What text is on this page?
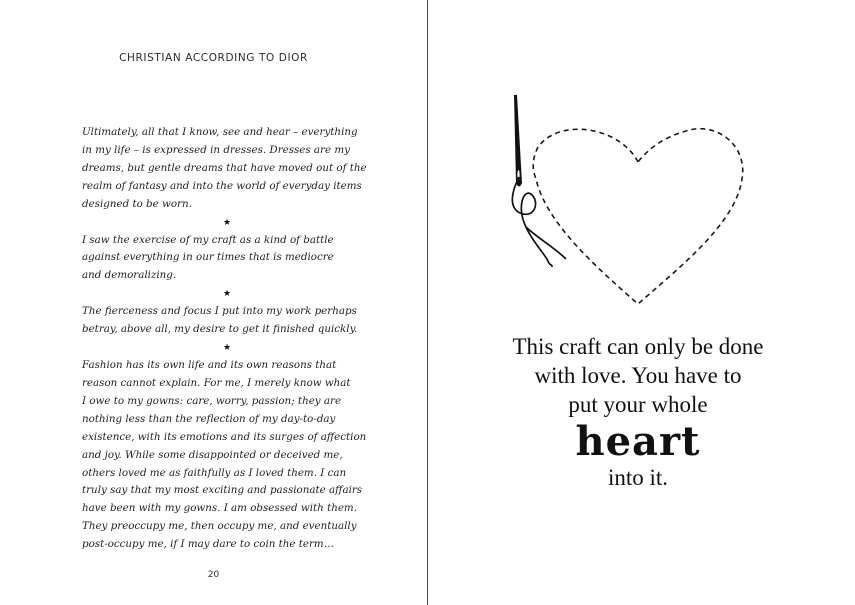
CHRISTIAN ACCORDING TO DIOR

Ultimately, all that I know, see and hear – everything
in my life – is expressed in dresses. Dresses are my
dreams, but gentle dreams that have moved out of the
realm of fantasy and into the world of everyday items
designed to be worn.

★

I saw the exercise of my craft as a kind of battle
against everything in our times that is mediocre
and demoralizing.

★

The fierceness and focus I put into my work perhaps
betray, above all, my desire to get it finished quickly.

★

Fashion has its own life and its own reasons that
reason cannot explain. For me, I merely know what
I owe to my gowns: care, worry, passion; they are
nothing less than the reflection of my day-to-day
existence, with its emotions and its surges of affection
and joy. While some disappointed or deceived me,
others loved me as faithfully as I loved them. I can
truly say that my most exciting and passionate affairs
have been with my gowns. I am obsessed with them.
They preoccupy me, then occupy me, and eventually
post-occupy me, if I may dare to coin the term…

20
This craft can only be done
with love. You have to
put your whole
heart
into it.
